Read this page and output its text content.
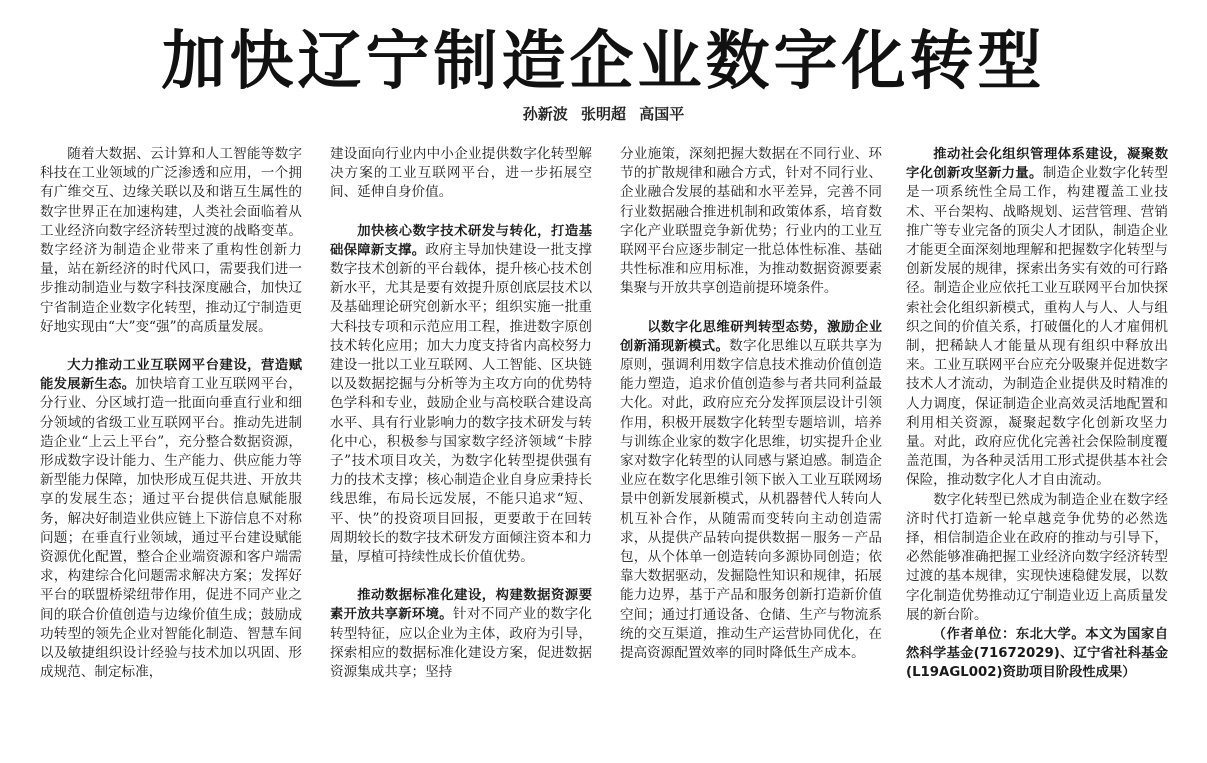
加快辽宁制造企业数字化转型
孙新波 张明超 高国平

随着大数据、云计算和人工智能等数字科技在工业领域的广泛渗透和应用，一个拥有广维交互、边缘关联以及和谐互生属性的数字世界正在加速构建，人类社会面临着从工业经济向数字经济转型过渡的战略变革。数字经济为制造企业带来了重构性创新力量，站在新经济的时代风口，需要我们进一步推动制造业与数字科技深度融合，加快辽宁省制造企业数字化转型，推动辽宁制造更好地实现由“大”变“强”的高质量发展。

大力推动工业互联网平台建设，营造赋能发展新生态。加快培育工业互联网平台，分行业、分区域打造一批面向垂直行业和细分领域的省级工业互联网平台。推动先进制造企业“上云上平台”，充分整合数据资源，形成数字设计能力、生产能力、供应能力等新型能力保障，加快形成互促共进、开放共享的发展生态；通过平台提供信息赋能服务，解决好制造业供应链上下游信息不对称问题；在垂直行业领域，通过平台建设赋能资源优化配置，整合企业端资源和客户端需求，构建综合化问题需求解决方案；发挥好平台的联盟桥梁纽带作用，促进不同产业之间的联合价值创造与边缘价值生成；鼓励成功转型的领先企业对智能化制造、智慧车间以及敏捷组织设计经验与技术加以巩固、形成规范、制定标准，

建设面向行业内中小企业提供数字化转型解决方案的工业互联网平台，进一步拓展空间、延伸自身价值。

加快核心数字技术研发与转化，打造基础保障新支撑。政府主导加快建设一批支撑数字技术创新的平台载体，提升核心技术创新水平，尤其是要有效提升原创底层技术以及基础理论研究创新水平；组织实施一批重大科技专项和示范应用工程，推进数字原创技术转化应用；加大力度支持省内高校努力建设一批以工业互联网、人工智能、区块链以及数据挖掘与分析等为主攻方向的优势特色学科和专业，鼓励企业与高校联合建设高水平、具有行业影响力的数字技术研发与转化中心，积极参与国家数字经济领域“卡脖子”技术项目攻关，为数字化转型提供强有力的技术支撑；核心制造企业自身应秉持长线思维，布局长远发展，不能只追求“短、平、快”的投资项目回报，更要敢于在回转周期较长的数字技术研发方面倾注资本和力量，厚植可持续性成长价值优势。

推动数据标准化建设，构建数据资源要素开放共享新环境。针对不同产业的数字化转型特征，应以企业为主体，政府为引导，探索相应的数据标准化建设方案，促进数据资源集成共享；坚持

分业施策，深刻把握大数据在不同行业、环节的扩散规律和融合方式，针对不同行业、企业融合发展的基础和水平差异，完善不同行业数据融合推进机制和政策体系，培育数字化产业联盟竞争新优势；行业内的工业互联网平台应逐步制定一批总体性标准、基础共性标准和应用标准，为推动数据资源要素集聚与开放共享创造前提环境条件。

以数字化思维研判转型态势，激励企业创新涌现新模式。数字化思维以互联共享为原则，强调利用数字信息技术推动价值创造能力塑造，追求价值创造参与者共同利益最大化。对此，政府应充分发挥顶层设计引领作用，积极开展数字化转型专题培训，培养与训练企业家的数字化思维，切实提升企业家对数字化转型的认同感与紧迫感。制造企业应在数字化思维引领下嵌入工业互联网场景中创新发展新模式，从机器替代人转向人机互补合作，从随需而变转向主动创造需求，从提供产品转向提供数据－服务－产品包，从个体单一创造转向多源协同创造；依靠大数据驱动，发掘隐性知识和规律，拓展能力边界，基于产品和服务创新打造新价值空间；通过打通设备、仓储、生产与物流系统的交互渠道，推动生产运营协同优化，在提高资源配置效率的同时降低生产成本。

推动社会化组织管理体系建设，凝聚数字化创新攻坚新力量。制造企业数字化转型是一项系统性全局工作，构建覆盖工业技术、平台架构、战略规划、运营管理、营销推广等专业完备的顶尖人才团队，制造企业才能更全面深刻地理解和把握数字化转型与创新发展的规律，探索出务实有效的可行路径。制造企业应依托工业互联网平台加快探索社会化组织新模式，重构人与人、人与组织之间的价值关系，打破僵化的人才雇佣机制，把稀缺人才能量从现有组织中释放出来。工业互联网平台应充分吸聚并促进数字技术人才流动，为制造企业提供及时精准的人力调度，保证制造企业高效灵活地配置和利用相关资源，凝聚起数字化创新攻坚力量。对此，政府应优化完善社会保险制度覆盖范围，为各种灵活用工形式提供基本社会保险，推动数字化人才自由流动。

数字化转型已然成为制造企业在数字经济时代打造新一轮卓越竞争优势的必然选择，相信制造企业在政府的推动与引导下，必然能够准确把握工业经济向数字经济转型过渡的基本规律，实现快速稳健发展，以数字化制造优势推动辽宁制造业迈上高质量发展的新台阶。

（作者单位：东北大学。本文为国家自然科学基金(71672029)、辽宁省社科基金(L19AGL002)资助项目阶段性成果）
